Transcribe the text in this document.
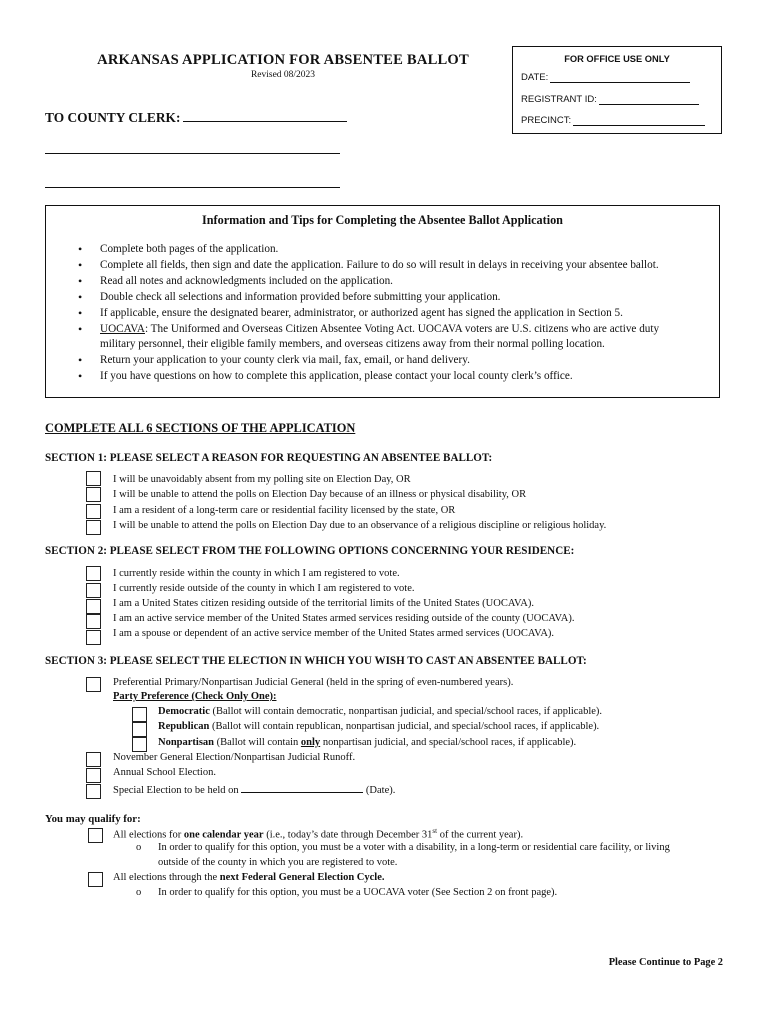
ARKANSAS APPLICATION FOR ABSENTEE BALLOT
Revised 08/2023
TO COUNTY CLERK:
FOR OFFICE USE ONLY
DATE:
REGISTRANT ID:
PRECINCT:
Information and Tips for Completing the Absentee Ballot Application
• Complete both pages of the application.
• Complete all fields, then sign and date the application. Failure to do so will result in delays in receiving your absentee ballot.
• Read all notes and acknowledgments included on the application.
• Double check all selections and information provided before submitting your application.
• If applicable, ensure the designated bearer, administrator, or authorized agent has signed the application in Section 5.
• UOCAVA: The Uniformed and Overseas Citizen Absentee Voting Act. UOCAVA voters are U.S. citizens who are active duty
military personnel, their eligible family members, and overseas citizens away from their normal polling location.
• Return your application to your county clerk via mail, fax, email, or hand delivery.
• If you have questions on how to complete this application, please contact your local county clerk’s office.
COMPLETE ALL 6 SECTIONS OF THE APPLICATION
SECTION 1: PLEASE SELECT A REASON FOR REQUESTING AN ABSENTEE BALLOT:
I will be unavoidably absent from my polling site on Election Day, OR
I will be unable to attend the polls on Election Day because of an illness or physical disability, OR
I am a resident of a long-term care or residential facility licensed by the state, OR
I will be unable to attend the polls on Election Day due to an observance of a religious discipline or religious holiday.
SECTION 2: PLEASE SELECT FROM THE FOLLOWING OPTIONS CONCERNING YOUR RESIDENCE:
I currently reside within the county in which I am registered to vote.
I currently reside outside of the county in which I am registered to vote.
I am a United States citizen residing outside of the territorial limits of the United States (UOCAVA).
I am an active service member of the United States armed services residing outside of the county (UOCAVA).
I am a spouse or dependent of an active service member of the United States armed services (UOCAVA).
SECTION 3: PLEASE SELECT THE ELECTION IN WHICH YOU WISH TO CAST AN ABSENTEE BALLOT:
Preferential Primary/Nonpartisan Judicial General (held in the spring of even-numbered years).
Party Preference (Check Only One):
Democratic (Ballot will contain democratic, nonpartisan judicial, and special/school races, if applicable).
Republican (Ballot will contain republican, nonpartisan judicial, and special/school races, if applicable).
Nonpartisan (Ballot will contain only nonpartisan judicial, and special/school races, if applicable).
November General Election/Nonpartisan Judicial Runoff.
Annual School Election.
Special Election to be held on	(Date).
You may qualify for:
All elections for one calendar year (i.e., today’s date through December 31st of the current year).
o In order to qualify for this option, you must be a voter with a disability, in a long-term or residential care facility, or living
outside of the county in which you are registered to vote.
All elections through the next Federal General Election Cycle.
o In order to qualify for this option, you must be a UOCAVA voter (See Section 2 on front page).
Please Continue to Page 2
